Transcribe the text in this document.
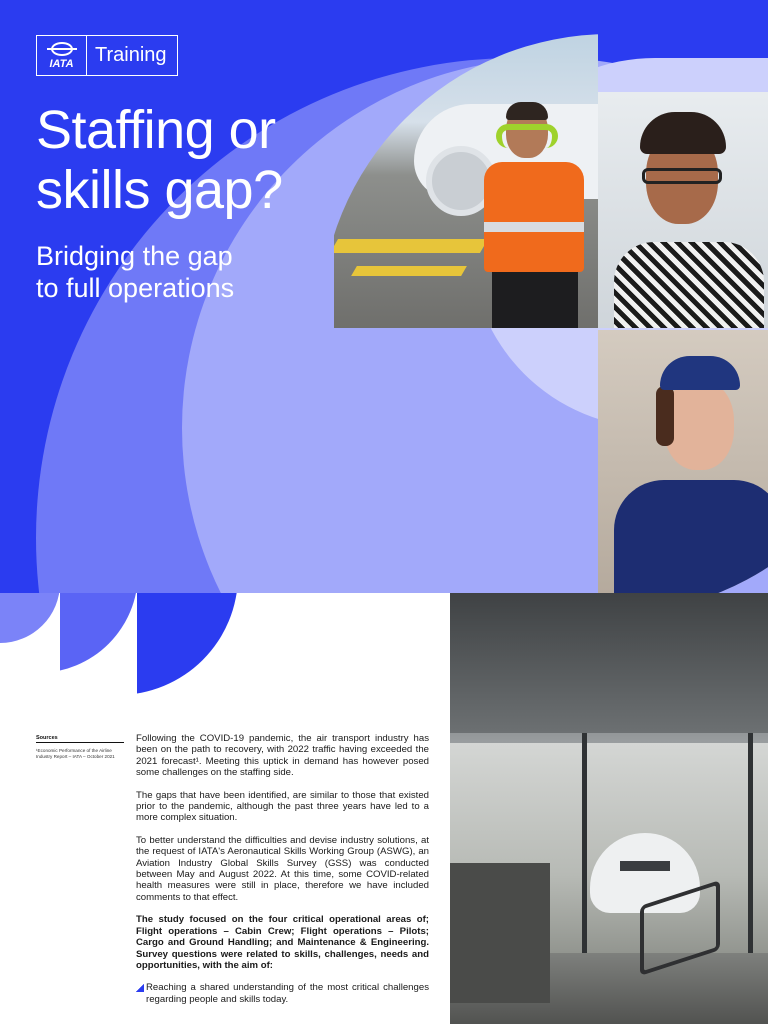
IATA	Training
Staffing or
skills gap?
Bridging the gap
to full operations
Sources
¹Economic Performance of the Airline Industry Report – IATA – October 2021

Following the COVID-19 pandemic, the air transport industry has been on the path to recovery, with 2022 traffic having exceeded the 2021 forecast¹. Meeting this uptick in demand has however posed some challenges on the staffing side.

The gaps that have been identified, are similar to those that existed prior to the pandemic, although the past three years have led to a more complex situation.

To better understand the difficulties and devise industry solutions, at the request of IATA's Aeronautical Skills Working Group (ASWG), an Aviation Industry Global Skills Survey (GSS) was conducted between May and August 2022. At this time, some COVID-related health measures were still in place, therefore we have included comments to that effect.

The study focused on the four critical operational areas of; Flight operations – Cabin Crew; Flight operations – Pilots; Cargo and Ground Handling; and Maintenance & Engineering. Survey questions were related to skills, challenges, needs and opportunities, with the aim of:

Reaching a shared understanding of the most critical challenges regarding people and skills today.
